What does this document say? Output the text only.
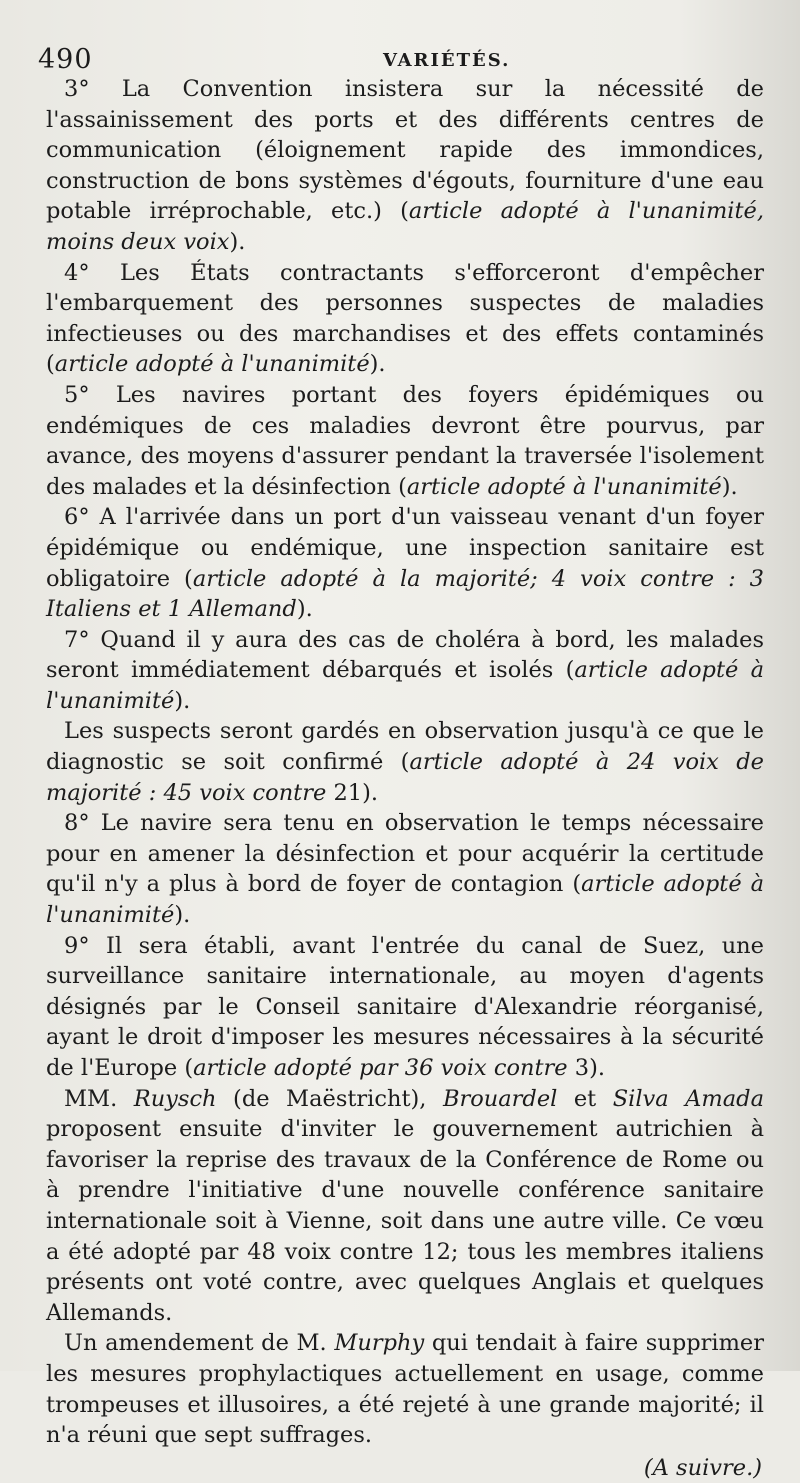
490	VARIÉTÉS.

3° La Convention insistera sur la nécessité de l'assainissement des ports et des différents centres de communication (éloignement rapide des immondices, construction de bons systèmes d'égouts, fourniture d'une eau potable irréprochable, etc.) (article adopté à l'unanimité, moins deux voix).

4° Les États contractants s'efforceront d'empêcher l'embarquement des personnes suspectes de maladies infectieuses ou des marchandises et des effets contaminés (article adopté à l'unanimité).

5° Les navires portant des foyers épidémiques ou endémiques de ces maladies devront être pourvus, par avance, des moyens d'assurer pendant la traversée l'isolement des malades et la désinfection (article adopté à l'unanimité).

6° A l'arrivée dans un port d'un vaisseau venant d'un foyer épidémique ou endémique, une inspection sanitaire est obligatoire (article adopté à la majorité; 4 voix contre : 3 Italiens et 1 Allemand).

7° Quand il y aura des cas de choléra à bord, les malades seront immédiatement débarqués et isolés (article adopté à l'unanimité).

Les suspects seront gardés en observation jusqu'à ce que le diagnostic se soit confirmé (article adopté à 24 voix de majorité : 45 voix contre 21).

8° Le navire sera tenu en observation le temps nécessaire pour en amener la désinfection et pour acquérir la certitude qu'il n'y a plus à bord de foyer de contagion (article adopté à l'unanimité).

9° Il sera établi, avant l'entrée du canal de Suez, une surveillance sanitaire internationale, au moyen d'agents désignés par le Conseil sanitaire d'Alexandrie réorganisé, ayant le droit d'imposer les mesures nécessaires à la sécurité de l'Europe (article adopté par 36 voix contre 3).

MM. Ruysch (de Maëstricht), Brouardel et Silva Amada proposent ensuite d'inviter le gouvernement autrichien à favoriser la reprise des travaux de la Conférence de Rome ou à prendre l'initiative d'une nouvelle conférence sanitaire internationale soit à Vienne, soit dans une autre ville. Ce vœu a été adopté par 48 voix contre 12; tous les membres italiens présents ont voté contre, avec quelques Anglais et quelques Allemands.

Un amendement de M. Murphy qui tendait à faire supprimer les mesures prophylactiques actuellement en usage, comme trompeuses et illusoires, a été rejeté à une grande majorité; il n'a réuni que sept suffrages.

(A suivre.)
